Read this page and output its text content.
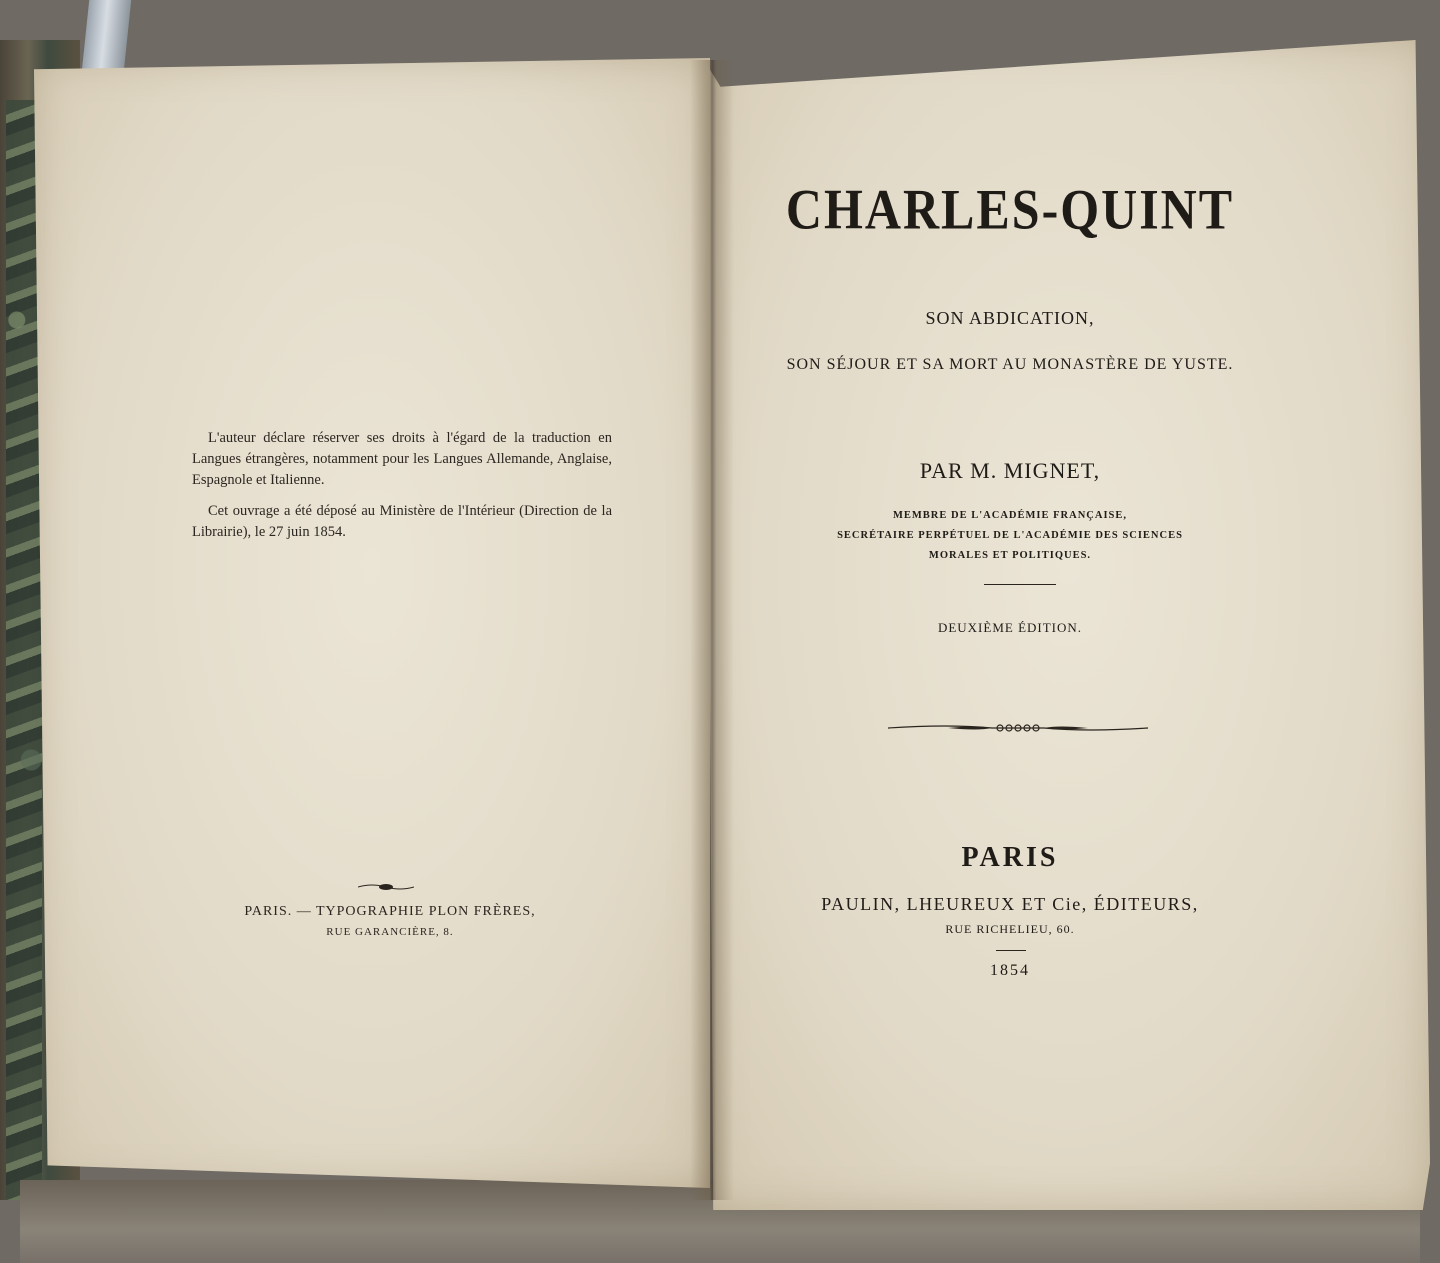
L'auteur déclare réserver ses droits à l'égard de la traduction en Langues étrangères, notamment pour les Langues Allemande, Anglaise, Espagnole et Italienne.

Cet ouvrage a été déposé au Ministère de l'Intérieur (Direction de la Librairie), le 27 juin 1854.

PARIS. — TYPOGRAPHIE PLON FRÈRES,
RUE GARANCIÈRE, 8.
CHARLES-QUINT
SON ABDICATION,
SON SÉJOUR ET SA MORT AU MONASTÈRE DE YUSTE.
PAR M. MIGNET,
MEMBRE DE L'ACADÉMIE FRANÇAISE,
SECRÉTAIRE PERPÉTUEL DE L'ACADÉMIE DES SCIENCES
MORALES ET POLITIQUES.
DEUXIÈME ÉDITION.
PARIS
PAULIN, LHEUREUX ET Cie, ÉDITEURS,
RUE RICHELIEU, 60.
1854
